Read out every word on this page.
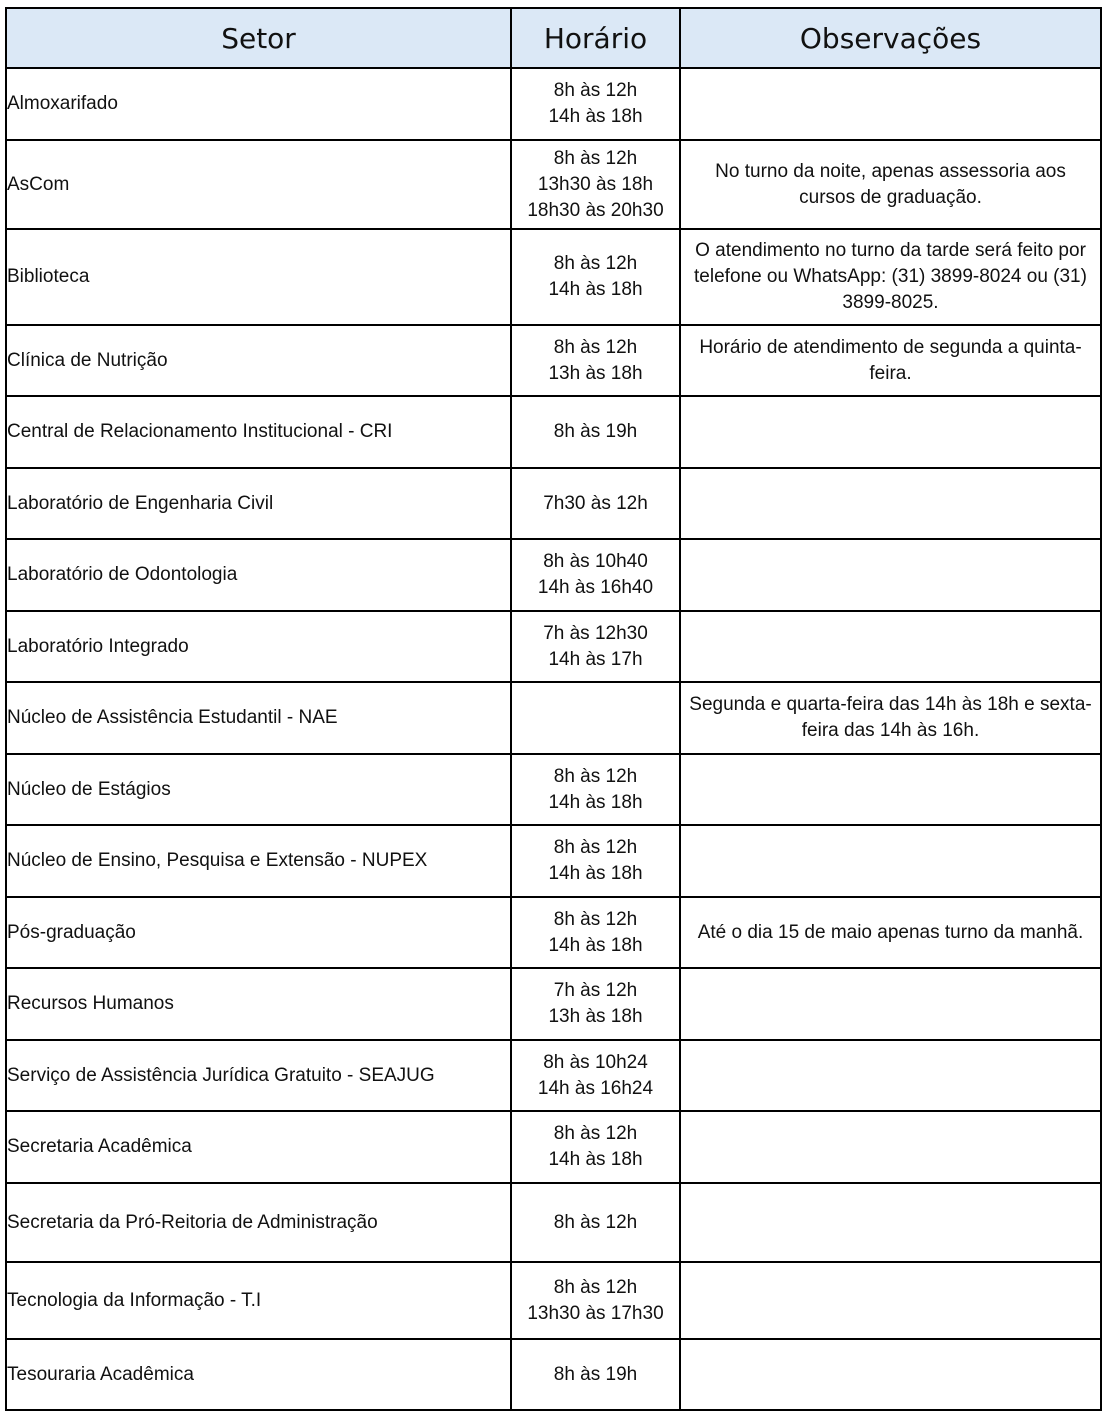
Setor	Horário	Observações
Almoxarifado	8h às 12h
14h às 18h	

AsCom	8h às 12h
13h30 às 18h
18h30 às 20h30	No turno da noite, apenas assessoria aos cursos de graduação.

Biblioteca	8h às 12h
14h às 18h	O atendimento no turno da tarde será feito por telefone ou WhatsApp: (31) 3899-8024 ou (31) 3899-8025.

Clínica de Nutrição	8h às 12h
13h às 18h	Horário de atendimento de segunda a quinta-feira.

Central de Relacionamento Institucional - CRI	8h às 19h	

Laboratório de Engenharia Civil	7h30 às 12h	

Laboratório de Odontologia	8h às 10h40
14h às 16h40	

Laboratório Integrado	7h às 12h30
14h às 17h	

Núcleo de Assistência Estudantil - NAE		Segunda e quarta-feira das 14h às 18h e sexta-feira das 14h às 16h.

Núcleo de Estágios	8h às 12h
14h às 18h	

Núcleo de Ensino, Pesquisa e Extensão - NUPEX	8h às 12h
14h às 18h	

Pós-graduação	8h às 12h
14h às 18h	Até o dia 15 de maio apenas turno da manhã.

Recursos Humanos	7h às 12h
13h às 18h	

Serviço de Assistência Jurídica Gratuito - SEAJUG	8h às 10h24
14h às 16h24	

Secretaria Acadêmica	8h às 12h
14h às 18h	

Secretaria da Pró-Reitoria de Administração	8h às 12h	

Tecnologia da Informação - T.I	8h às 12h
13h30 às 17h30	

Tesouraria Acadêmica	8h às 19h	
